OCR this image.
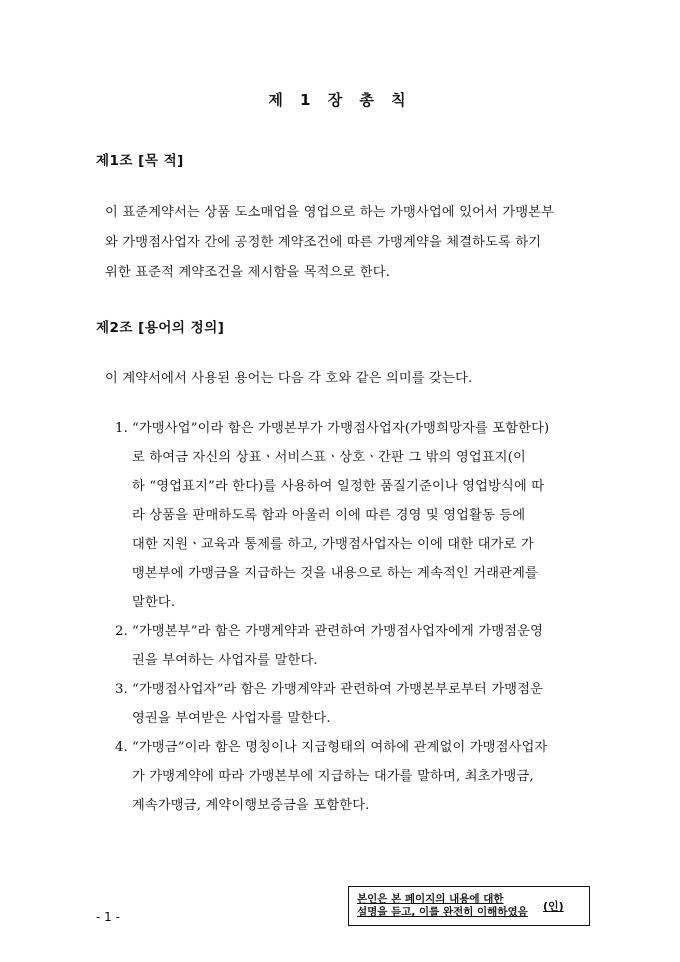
제 1 장 총 칙
제1조 [목 적]
이 표준계약서는 상품 도소매업을 영업으로 하는 가맹사업에 있어서 가맹본부
와 가맹점사업자 간에 공정한 계약조건에 따른 가맹계약을 체결하도록 하기
위한 표준적 계약조건을 제시함을 목적으로 한다.
제2조 [용어의 정의]
이 계약서에서 사용된 용어는 다음 각 호와 같은 의미를 갖는다.
1. “가맹사업”이라 함은 가맹본부가 가맹점사업자(가맹희망자를 포함한다)
로 하여금 자신의 상표ㆍ서비스표ㆍ상호ㆍ간판 그 밖의 영업표지(이
하 “영업표지”라 한다)를 사용하여 일정한 품질기준이나 영업방식에 따
라 상품을 판매하도록 함과 아울러 이에 따른 경영 및 영업활동 등에
대한 지원ㆍ교육과 통제를 하고, 가맹점사업자는 이에 대한 대가로 가
맹본부에 가맹금을 지급하는 것을 내용으로 하는 계속적인 거래관계를
말한다.
2. “가맹본부”라 함은 가맹계약과 관련하여 가맹점사업자에게 가맹점운영
권을 부여하는 사업자를 말한다.
3. “가맹점사업자”라 함은 가맹계약과 관련하여 가맹본부로부터 가맹점운
영권을 부여받은 사업자를 말한다.
4. “가맹금”이라 함은 명칭이나 지급형태의 여하에 관계없이 가맹점사업자
가 가맹계약에 따라 가맹본부에 지급하는 대가를 말하며, 최초가맹금,
계속가맹금, 계약이행보증금을 포함한다.
- 1 -
본인은 본 페이지의 내용에 대한
설명을 듣고, 이를 완전히 이해하였음	(인)
